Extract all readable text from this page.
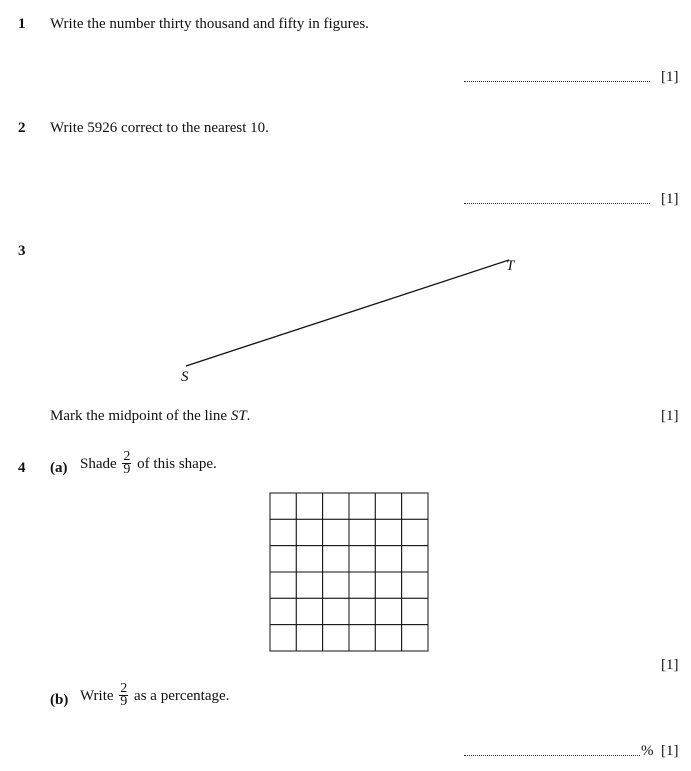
1 Write the number thirty thousand and fifty in figures.
[1]
2 Write 5926 correct to the nearest 10.
[1]
3
T
S
Mark the midpoint of the line ST.	[1]
4 (a) Shade $\frac{2}{9}$ of this shape.
[1]
(b) Write $\frac{2}{9}$ as a percentage.
% [1]
